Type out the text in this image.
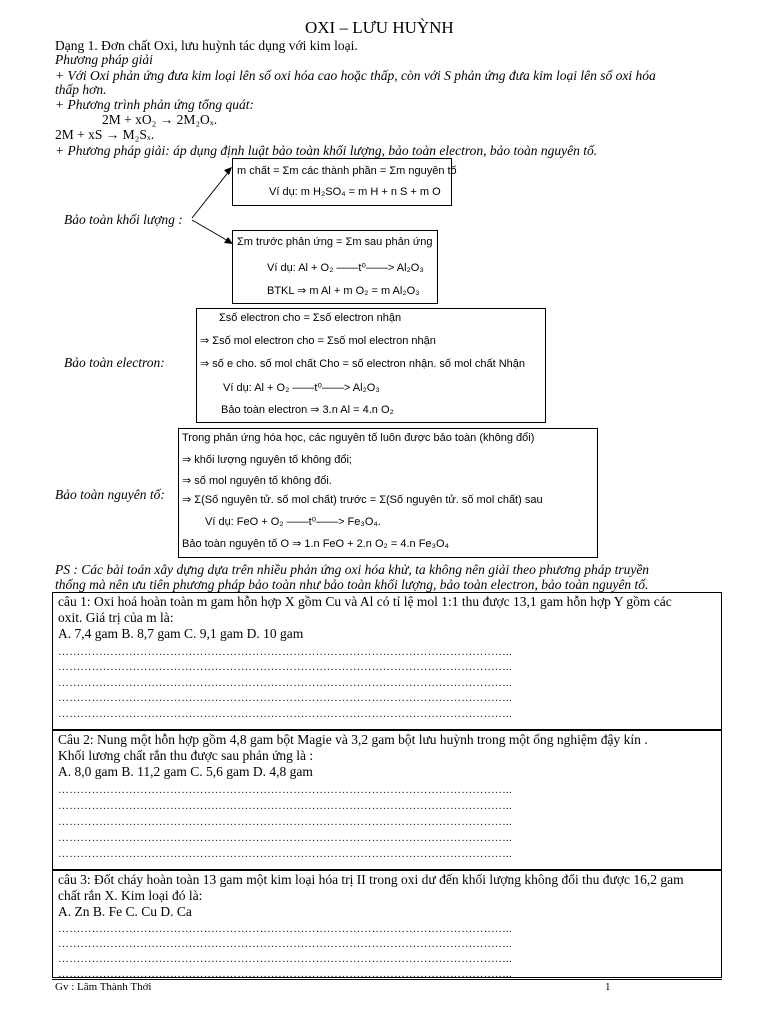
OXI – LƯU HUỲNH
Dạng 1. Đơn chất Oxi, lưu huỳnh tác dụng với kim loại.
Phương pháp giải
+ Với Oxi phản ứng đưa kim loại lên số oxi hóa cao hoặc thấp, còn với S phản ứng đưa kim loại lên số oxi hóa
thấp hơn.
+ Phương trình phản ứng tổng quát:
2M + xO₂ → 2M₂Oₓ.
2M + xS → M₂Sₓ.
+ Phương pháp giải: áp dụng định luật bảo toàn khối lượng, bảo toàn electron, bảo toàn nguyên tố.
Bảo toàn khối lượng :
m chất = Σm các thành phần = Σm nguyên tố
Ví dụ: m H₂SO₄ = m H + n S + m O
Σm trước phản ứng = Σm sau phản ứng
Ví dụ: Al + O₂ ——t⁰——> Al₂O₃
BTKL ⇒ m Al + m O₂ = m Al₂O₃
Bảo toàn electron:
Σsố electron cho = Σsố electron nhận
⇒ Σsố mol electron cho = Σsố mol electron nhận
⇒ số e cho. số mol chất Cho = số electron nhận. số mol chất Nhận
Ví dụ: Al + O₂ ——t⁰——> Al₂O₃
Bảo toàn electron ⇒ 3.n Al = 4.n O₂
Bảo toàn nguyên tố:
Trong phản ứng hóa học, các nguyên tố luôn được bảo toàn (không đổi)
⇒ khối lượng nguyên tố không đổi;
⇒ số mol nguyên tố không đổi.
⇒ Σ(Số nguyên tử. số mol chất) trước = Σ(Số nguyên tử. số mol chất) sau
Ví dụ: FeO + O₂ ——t⁰——> Fe₃O₄.
Bảo toàn nguyên tố O ⇒ 1.n FeO + 2.n O₂ = 4.n Fe₃O₄
PS : Các bài toán xây dựng dựa trên nhiều phản ứng oxi hóa khử, ta không nên giải theo phương pháp truyền
thống mà nên ưu tiên phương pháp bảo toàn như bảo toàn khối lượng, bảo toàn electron, bảo toàn nguyên tố.
câu 1: Oxi hoá hoàn toàn m gam hỗn hợp X gồm Cu và Al có tỉ lệ mol 1:1 thu được 13,1 gam hỗn hợp Y gồm các
oxit. Giá trị của m là:
A. 7,4 gam B. 8,7 gam C. 9,1 gam D. 10 gam
…………………………………………………………………………………………………………..
…………………………………………………………………………………………………………..
…………………………………………………………………………………………………………..
…………………………………………………………………………………………………………..
…………………………………………………………………………………………………………..
Câu 2: Nung một hỗn hợp gồm 4,8 gam bột Magie và 3,2 gam bột lưu huỳnh trong một ống nghiệm đậy kín .
Khối lương chất rắn thu được sau phản ứng là :
A. 8,0 gam B. 11,2 gam C. 5,6 gam D. 4,8 gam
…………………………………………………………………………………………………………..
…………………………………………………………………………………………………………..
…………………………………………………………………………………………………………..
…………………………………………………………………………………………………………..
…………………………………………………………………………………………………………..
câu 3: Đốt cháy hoàn toàn 13 gam một kim loại hóa trị II trong oxi dư đến khối lượng không đổi thu được 16,2 gam
chất rắn X. Kim loại đó là:
A. Zn B. Fe C. Cu D. Ca
…………………………………………………………………………………………………………..
…………………………………………………………………………………………………………..
…………………………………………………………………………………………………………..
…………………………………………………………………………………………………………..
Gv : Lâm Thành Thới	1
